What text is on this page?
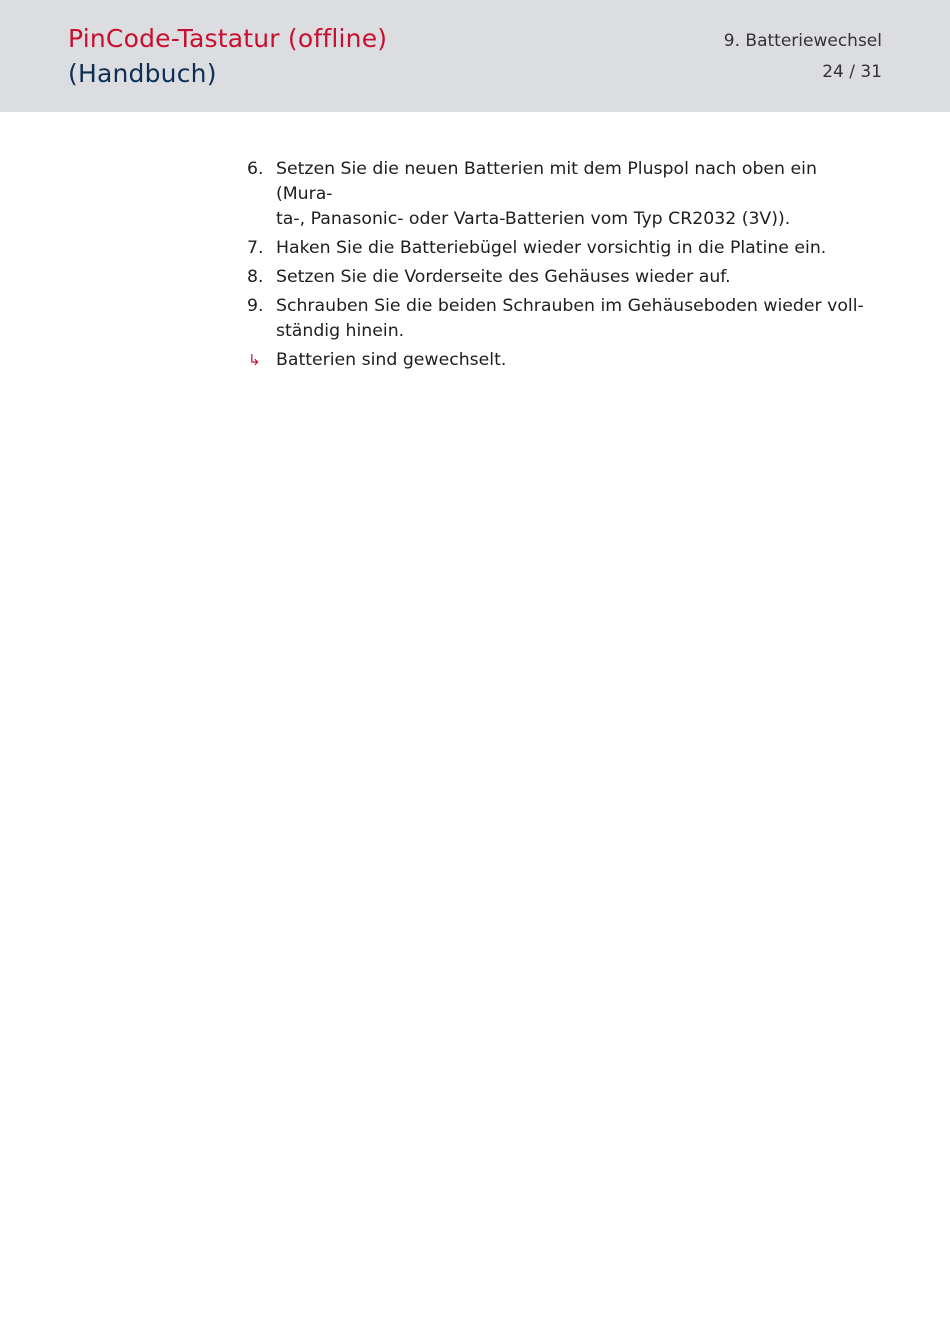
PinCode-Tastatur (offline)
(Handbuch)
9. Batteriewechsel
24 / 31
6. Setzen Sie die neuen Batterien mit dem Pluspol nach oben ein (Mura-
ta-, Panasonic- oder Varta-Batterien vom Typ CR2032 (3V)).
7. Haken Sie die Batteriebügel wieder vorsichtig in die Platine ein.
8. Setzen Sie die Vorderseite des Gehäuses wieder auf.
9. Schrauben Sie die beiden Schrauben im Gehäuseboden wieder voll-
ständig hinein.
↳ Batterien sind gewechselt.
